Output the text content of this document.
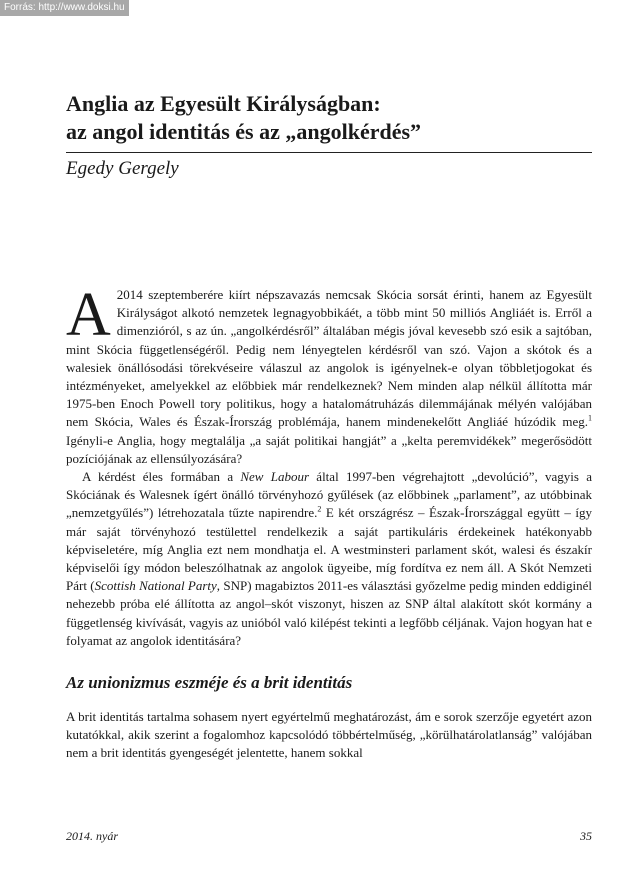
Forrás: http://www.doksi.hu
Anglia az Egyesült Királyságban:
az angol identitás és az „angolkérdés”
Egedy Gergely

A 2014 szeptemberére kiírt népszavazás nemcsak Skócia sorsát érinti, hanem az Egyesült Királyságot alkotó nemzetek legnagyobbikáét, a több mint 50 milliós Angliáét is. Erről a dimenzióról, s az ún. „angolkérdésről” általában mégis jóval kevesebb szó esik a sajtóban, mint Skócia függetlenségéről. Pedig nem lényegtelen kérdésről van szó. Vajon a skótok és a walesiek önállósodási törekvéseire válaszul az angolok is igényelnek-e olyan többletjogokat és intézményeket, amelyekkel az előbbiek már rendelkeznek? Nem minden alap nélkül állította már 1975-ben Enoch Powell tory politikus, hogy a hatalomátruházás dilemmájának mélyén valójában nem Skócia, Wales és Észak-Írország problémája, hanem mindenekelőtt Angliáé húzódik meg.$^1$ Igényli-e Anglia, hogy megtalálja „a saját politikai hangját” a „kelta peremvidékek” megerősödött pozíciójának az ellensúlyozására?

A kérdést éles formában a New Labour által 1997-ben végrehajtott „devolúció”, vagyis a Skóciának és Walesnek ígért önálló törvényhozó gyűlések (az előbbinek „parlament”, az utóbbinak „nemzetgyűlés”) létrehozatala tűzte napirendre.$^2$ E két országrész – Észak-Írországgal együtt – így már saját törvényhozó testülettel rendelkezik a saját partikuláris érdekeinek hatékonyabb képviseletére, míg Anglia ezt nem mondhatja el. A westminsteri parlament skót, walesi és északír képviselői így módon beleszólhatnak az angolok ügyeibe, míg fordítva ez nem áll. A Skót Nemzeti Párt (Scottish National Party, SNP) magabiztos 2011-es választási győzelme pedig minden eddiginél nehezebb próba elé állította az angol–skót viszonyt, hiszen az SNP által alakított skót kormány a függetlenség kivívását, vagyis az unióból való kilépést tekinti a legfőbb céljának. Vajon hogyan hat e folyamat az angolok identitására?

Az unionizmus eszméje és a brit identitás

A brit identitás tartalma sohasem nyert egyértelmű meghatározást, ám e sorok szerzője egyetért azon kutatókkal, akik szerint a fogalomhoz kapcsolódó többértelműség, „körülhatárolatlanság” valójában nem a brit identitás gyengeségét jelentette, hanem sokkal

2014. nyár	35
